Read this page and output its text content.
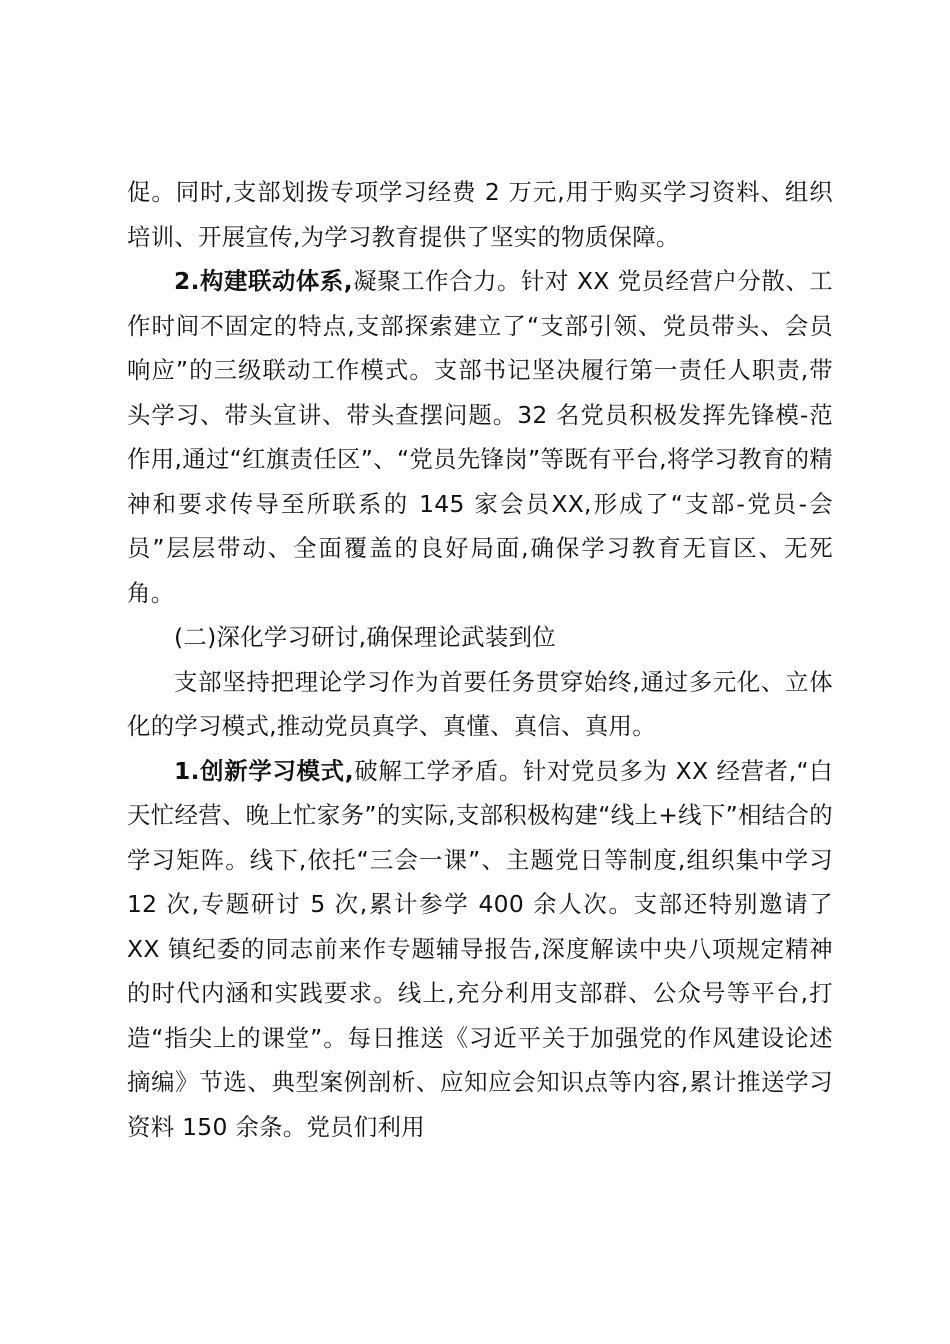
促。同时,支部划拨专项学习经费 2 万元,用于购买学习资料、组织培训、开展宣传,为学习教育提供了坚实的物质保障。

2.构建联动体系,凝聚工作合力。针对 XX 党员经营户分散、工作时间不固定的特点,支部探索建立了“支部引领、党员带头、会员响应”的三级联动工作模式。支部书记坚决履行第一责任人职责,带头学习、带头宣讲、带头查摆问题。32 名党员积极发挥先锋模-范作用,通过“红旗责任区”、“党员先锋岗”等既有平台,将学习教育的精神和要求传导至所联系的 145 家会员XX,形成了“支部-党员-会员”层层带动、全面覆盖的良好局面,确保学习教育无盲区、无死角。

(二)深化学习研讨,确保理论武装到位

支部坚持把理论学习作为首要任务贯穿始终,通过多元化、立体化的学习模式,推动党员真学、真懂、真信、真用。

1.创新学习模式,破解工学矛盾。针对党员多为 XX 经营者,“白天忙经营、晚上忙家务”的实际,支部积极构建“线上+线下”相结合的学习矩阵。线下,依托“三会一课”、主题党日等制度,组织集中学习 12 次,专题研讨 5 次,累计参学 400 余人次。支部还特别邀请了 XX 镇纪委的同志前来作专题辅导报告,深度解读中央八项规定精神的时代内涵和实践要求。线上,充分利用支部群、公众号等平台,打造“指尖上的课堂”。每日推送《习近平关于加强党的作风建设论述摘编》节选、典型案例剖析、应知应会知识点等内容,累计推送学习资料 150 余条。党员们利用
